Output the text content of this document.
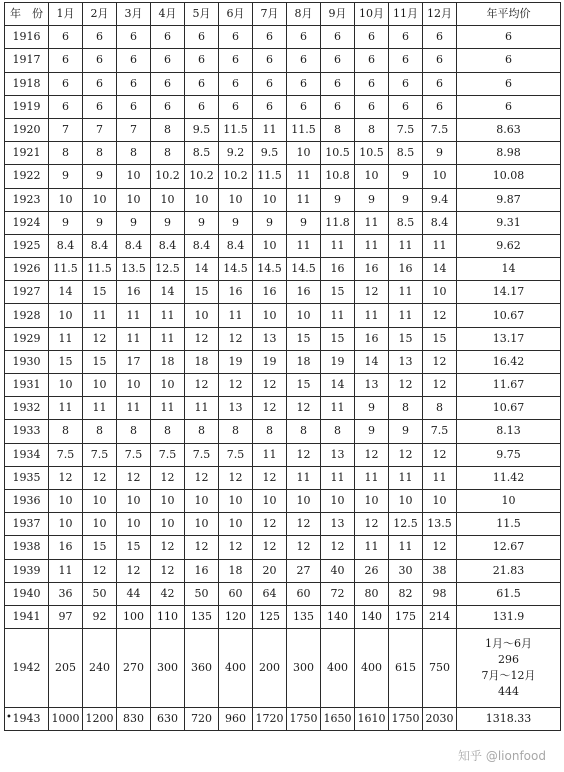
年　份	1月	2月	3月	4月	5月	6月	7月	8月	9月	10月	11月	12月	年平均价
1916	6	6	6	6	6	6	6	6	6	6	6	6	6
1917	6	6	6	6	6	6	6	6	6	6	6	6	6
1918	6	6	6	6	6	6	6	6	6	6	6	6	6
1919	6	6	6	6	6	6	6	6	6	6	6	6	6
1920	7	7	7	8	9.5	11.5	11	11.5	8	8	7.5	7.5	8.63
1921	8	8	8	8	8.5	9.2	9.5	10	10.5	10.5	8.5	9	8.98
1922	9	9	10	10.2	10.2	10.2	11.5	11	10.8	10	9	10	10.08
1923	10	10	10	10	10	10	10	11	9	9	9	9.4	9.87
1924	9	9	9	9	9	9	9	9	11.8	11	8.5	8.4	9.31
1925	8.4	8.4	8.4	8.4	8.4	8.4	10	11	11	11	11	11	9.62
1926	11.5	11.5	13.5	12.5	14	14.5	14.5	14.5	16	16	16	14	14
1927	14	15	16	14	15	16	16	16	15	12	11	10	14.17
1928	10	11	11	11	10	11	10	10	11	11	11	12	10.67
1929	11	12	11	11	12	12	13	15	15	16	15	15	13.17
1930	15	15	17	18	18	19	19	18	19	14	13	12	16.42
1931	10	10	10	10	12	12	12	15	14	13	12	12	11.67
1932	11	11	11	11	11	13	12	12	11	9	8	8	10.67
1933	8	8	8	8	8	8	8	8	8	9	9	7.5	8.13
1934	7.5	7.5	7.5	7.5	7.5	7.5	11	12	13	12	12	12	9.75
1935	12	12	12	12	12	12	12	11	11	11	11	11	11.42
1936	10	10	10	10	10	10	10	10	10	10	10	10	10
1937	10	10	10	10	10	10	12	12	13	12	12.5	13.5	11.5
1938	16	15	15	12	12	12	12	12	12	11	11	12	12.67
1939	11	12	12	12	16	18	20	27	40	26	30	38	21.83
1940	36	50	44	42	50	60	64	60	72	80	82	98	61.5
1941	97	92	100	110	135	120	125	135	140	140	175	214	131.9
1942	205	240	270	300	360	400	200	300	400	400	615	750	1月～6月
296
7月～12月
444

1943	1000	1200	830	630	720	960	1720	1750	1650	1610	1750	2030	1318.33
•
知乎 @lionfood
